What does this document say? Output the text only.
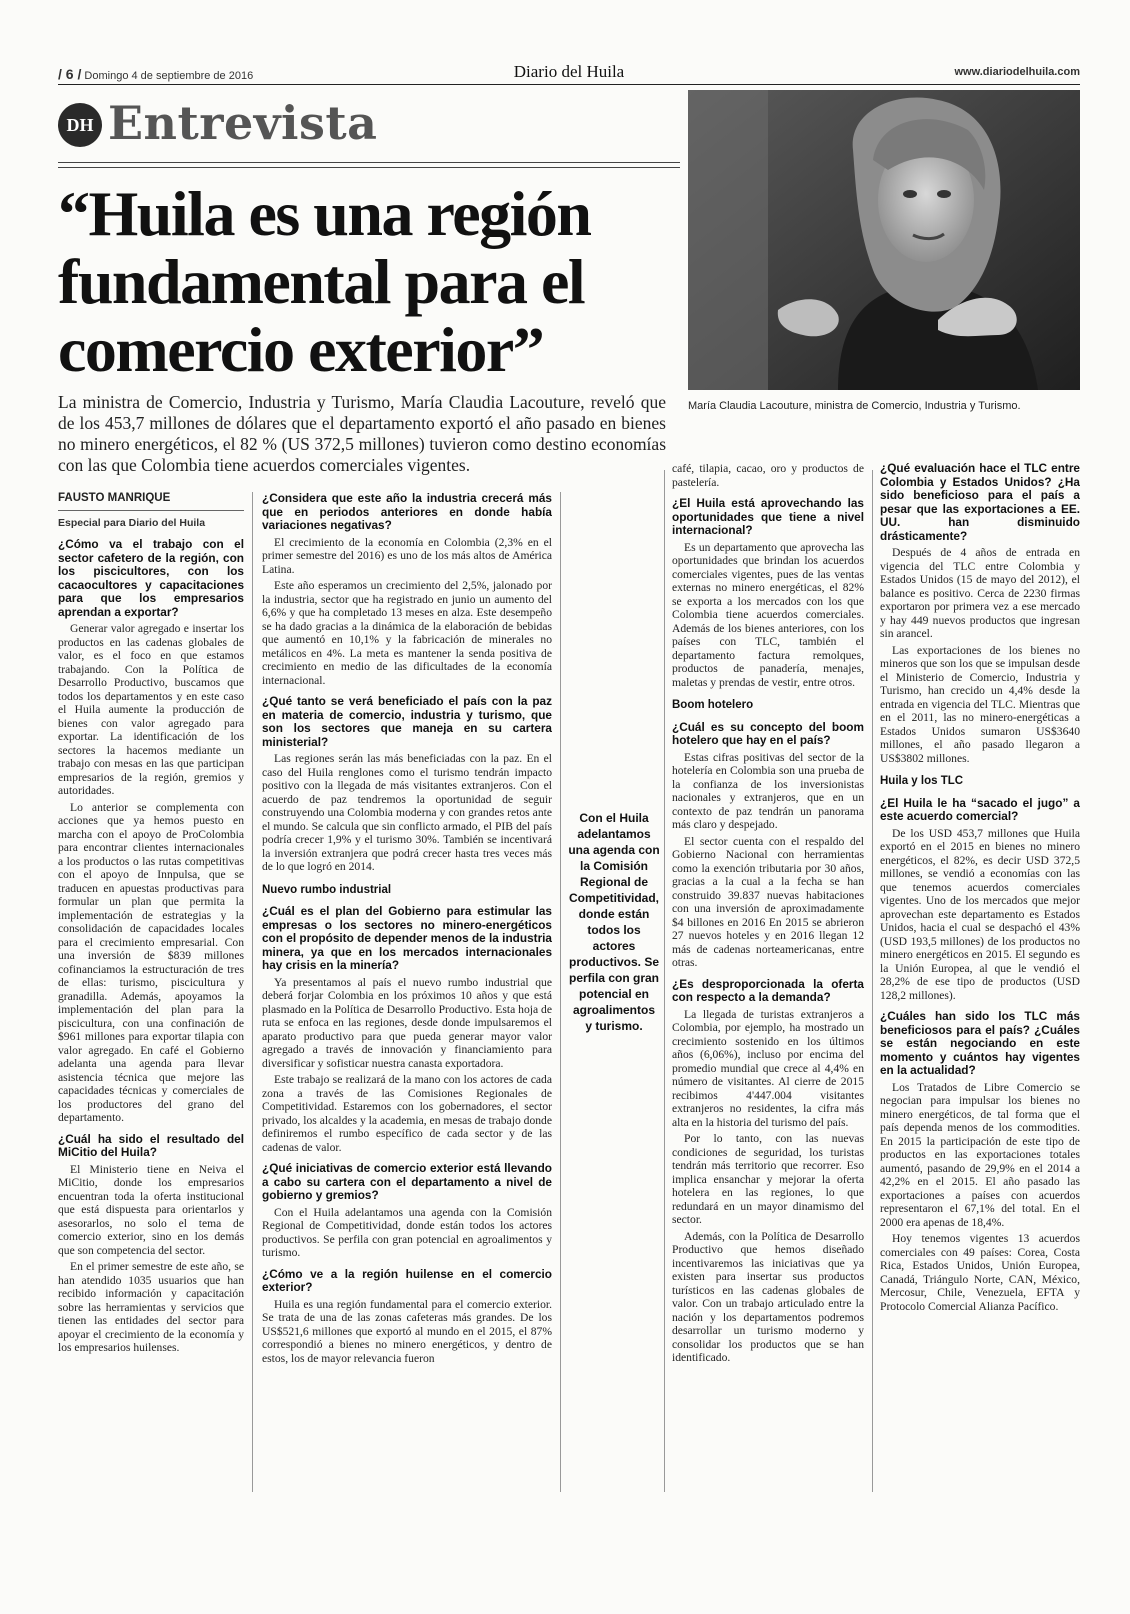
/ 6 / Domingo 4 de septiembre de 2016	Diario del Huila	www.diariodelhuila.com
DH Entrevista
“Huila es una región fundamental para el comercio exterior”
María Claudia Lacouture, ministra de Comercio, Industria y Turismo.
La ministra de Comercio, Industria y Turismo, María Claudia Lacouture, reveló que de los 453,7 millones de dólares que el departamento exportó el año pasado en bienes no minero energéticos, el 82 % (US 372,5 millones) tuvieron como destino economías con las que Colombia tiene acuerdos comerciales vigentes.
FAUSTO MANRIQUE
Especial para Diario del Huila
¿Cómo va el trabajo con el sector cafetero de la región, con los piscicultores, con los cacaocultores y capacitaciones para que los empresarios aprendan a exportar?

Generar valor agregado e insertar los productos en las cadenas globales de valor, es el foco en que estamos trabajando. Con la Política de Desarrollo Productivo, buscamos que todos los departamentos y en este caso el Huila aumente la producción de bienes con valor agregado para exportar. La identificación de los sectores la hacemos mediante un trabajo con mesas en las que participan empresarios de la región, gremios y autoridades.

Lo anterior se complementa con acciones que ya hemos puesto en marcha con el apoyo de ProColombia para encontrar clientes internacionales a los productos o las rutas competitivas con el apoyo de Innpulsa, que se traducen en apuestas productivas para formular un plan que permita la implementación de estrategias y la consolidación de capacidades locales para el crecimiento empresarial. Con una inversión de $839 millones cofinanciamos la estructuración de tres de ellas: turismo, piscicultura y granadilla. Además, apoyamos la implementación del plan para la piscicultura, con una confinación de $961 millones para exportar tilapia con valor agregado. En café el Gobierno adelanta una agenda para llevar asistencia técnica que mejore las capacidades técnicas y comerciales de los productores del grano del departamento.

¿Cuál ha sido el resultado del MiCitio del Huila?

El Ministerio tiene en Neiva el MiCitio, donde los empresarios encuentran toda la oferta institucional que está dispuesta para orientarlos y asesorarlos, no solo el tema de comercio exterior, sino en los demás que son competencia del sector.

En el primer semestre de este año, se han atendido 1035 usuarios que han recibido información y capacitación sobre las herramientas y servicios que tienen las entidades del sector para apoyar el crecimiento de la economía y los empresarios huilenses.

¿Considera que este año la industria crecerá más que en periodos anteriores en donde había variaciones negativas?

El crecimiento de la economía en Colombia (2,3% en el primer semestre del 2016) es uno de los más altos de América Latina.

Este año esperamos un crecimiento del 2,5%, jalonado por la industria, sector que ha registrado en junio un aumento del 6,6% y que ha completado 13 meses en alza. Este desempeño se ha dado gracias a la dinámica de la elaboración de bebidas que aumentó en 10,1% y la fabricación de minerales no metálicos en 4%. La meta es mantener la senda positiva de crecimiento en medio de las dificultades de la economía internacional.

¿Qué tanto se verá beneficiado el país con la paz en materia de comercio, industria y turismo, que son los sectores que maneja en su cartera ministerial?

Las regiones serán las más beneficiadas con la paz. En el caso del Huila renglones como el turismo tendrán impacto positivo con la llegada de más visitantes extranjeros. Con el acuerdo de paz tendremos la oportunidad de seguir construyendo una Colombia moderna y con grandes retos ante el mundo. Se calcula que sin conflicto armado, el PIB del país podría crecer 1,9% y el turismo 30%. También se incentivará la inversión extranjera que podrá crecer hasta tres veces más de lo que logró en 2014.

Nuevo rumbo industrial
¿Cuál es el plan del Gobierno para estimular las empresas o los sectores no minero-energéticos con el propósito de depender menos de la industria minera, ya que en los mercados internacionales hay crisis en la minería?

Ya presentamos al país el nuevo rumbo industrial que deberá forjar Colombia en los próximos 10 años y que está plasmado en la Política de Desarrollo Productivo. Esta hoja de ruta se enfoca en las regiones, desde donde impulsaremos el aparato productivo para que pueda generar mayor valor agregado a través de innovación y financiamiento para diversificar y sofisticar nuestra canasta exportadora.

Este trabajo se realizará de la mano con los actores de cada zona a través de las Comisiones Regionales de Competitividad. Estaremos con los gobernadores, el sector privado, los alcaldes y la academia, en mesas de trabajo donde definiremos el rumbo específico de cada sector y de las cadenas de valor.

¿Qué iniciativas de comercio exterior está llevando a cabo su cartera con el departamento a nivel de gobierno y gremios?

Con el Huila adelantamos una agenda con la Comisión Regional de Competitividad, donde están todos los actores productivos. Se perfila con gran potencial en agroalimentos y turismo.

¿Cómo ve a la región huilense en el comercio exterior?

Huila es una región fundamental para el comercio exterior. Se trata de una de las zonas cafeteras más grandes. De los US$521,6 millones que exportó al mundo en el 2015, el 87% correspondió a bienes no minero energéticos, y dentro de estos, los de mayor relevancia fueron

Con el Huila adelantamos una agenda con la Comisión Regional de Competitividad, donde están todos los actores productivos. Se perfila con gran potencial en agroalimentos y turismo.

café, tilapia, cacao, oro y productos de pastelería.

¿El Huila está aprovechando las oportunidades que tiene a nivel internacional?

Es un departamento que aprovecha las oportunidades que brindan los acuerdos comerciales vigentes, pues de las ventas externas no minero energéticas, el 82% se exporta a los mercados con los que Colombia tiene acuerdos comerciales. Además de los bienes anteriores, con los países con TLC, también el departamento factura remolques, productos de panadería, menajes, maletas y prendas de vestir, entre otros.

Boom hotelero
¿Cuál es su concepto del boom hotelero que hay en el país?

Estas cifras positivas del sector de la hotelería en Colombia son una prueba de la confianza de los inversionistas nacionales y extranjeros, que en un contexto de paz tendrán un panorama más claro y despejado.

El sector cuenta con el respaldo del Gobierno Nacional con herramientas como la exención tributaria por 30 años, gracias a la cual a la fecha se han construido 39.837 nuevas habitaciones con una inversión de aproximadamente $4 billones en 2016 En 2015 se abrieron 27 nuevos hoteles y en 2016 llegan 12 más de cadenas norteamericanas, entre otras.

¿Es desproporcionada la oferta con respecto a la demanda?

La llegada de turistas extranjeros a Colombia, por ejemplo, ha mostrado un crecimiento sostenido en los últimos años (6,06%), incluso por encima del promedio mundial que crece al 4,4% en número de visitantes. Al cierre de 2015 recibimos 4'447.004 visitantes extranjeros no residentes, la cifra más alta en la historia del turismo del país.

Por lo tanto, con las nuevas condiciones de seguridad, los turistas tendrán más territorio que recorrer. Eso implica ensanchar y mejorar la oferta hotelera en las regiones, lo que redundará en un mayor dinamismo del sector.

Además, con la Política de Desarrollo Productivo que hemos diseñado incentivaremos las iniciativas que ya existen para insertar sus productos turísticos en las cadenas globales de valor. Con un trabajo articulado entre la nación y los departamentos podremos desarrollar un turismo moderno y consolidar los productos que se han identificado.

¿Qué evaluación hace el TLC entre Colombia y Estados Unidos? ¿Ha sido beneficioso para el país a pesar que las exportaciones a EE. UU. han disminuido drásticamente?

Después de 4 años de entrada en vigencia del TLC entre Colombia y Estados Unidos (15 de mayo del 2012), el balance es positivo. Cerca de 2230 firmas exportaron por primera vez a ese mercado y hay 449 nuevos productos que ingresan sin arancel.

Las exportaciones de los bienes no mineros que son los que se impulsan desde el Ministerio de Comercio, Industria y Turismo, han crecido un 4,4% desde la entrada en vigencia del TLC. Mientras que en el 2011, las no minero-energéticas a Estados Unidos sumaron US$3640 millones, el año pasado llegaron a US$3802 millones.

Huila y los TLC
¿El Huila le ha “sacado el jugo” a este acuerdo comercial?

De los USD 453,7 millones que Huila exportó en el 2015 en bienes no minero energéticos, el 82%, es decir USD 372,5 millones, se vendió a economías con las que tenemos acuerdos comerciales vigentes. Uno de los mercados que mejor aprovechan este departamento es Estados Unidos, hacia el cual se despachó el 43% (USD 193,5 millones) de los productos no minero energéticos en 2015. El segundo es la Unión Europea, al que le vendió el 28,2% de ese tipo de productos (USD 128,2 millones).

¿Cuáles han sido los TLC más beneficiosos para el país? ¿Cuáles se están negociando en este momento y cuántos hay vigentes en la actualidad?

Los Tratados de Libre Comercio se negocian para impulsar los bienes no minero energéticos, de tal forma que el país dependa menos de los commodities. En 2015 la participación de este tipo de productos en las exportaciones totales aumentó, pasando de 29,9% en el 2014 a 42,2% en el 2015. El año pasado las exportaciones a países con acuerdos representaron el 67,1% del total. En el 2000 era apenas de 18,4%.

Hoy tenemos vigentes 13 acuerdos comerciales con 49 países: Corea, Costa Rica, Estados Unidos, Unión Europea, Canadá, Triángulo Norte, CAN, México, Mercosur, Chile, Venezuela, EFTA y Protocolo Comercial Alianza Pacífico.
